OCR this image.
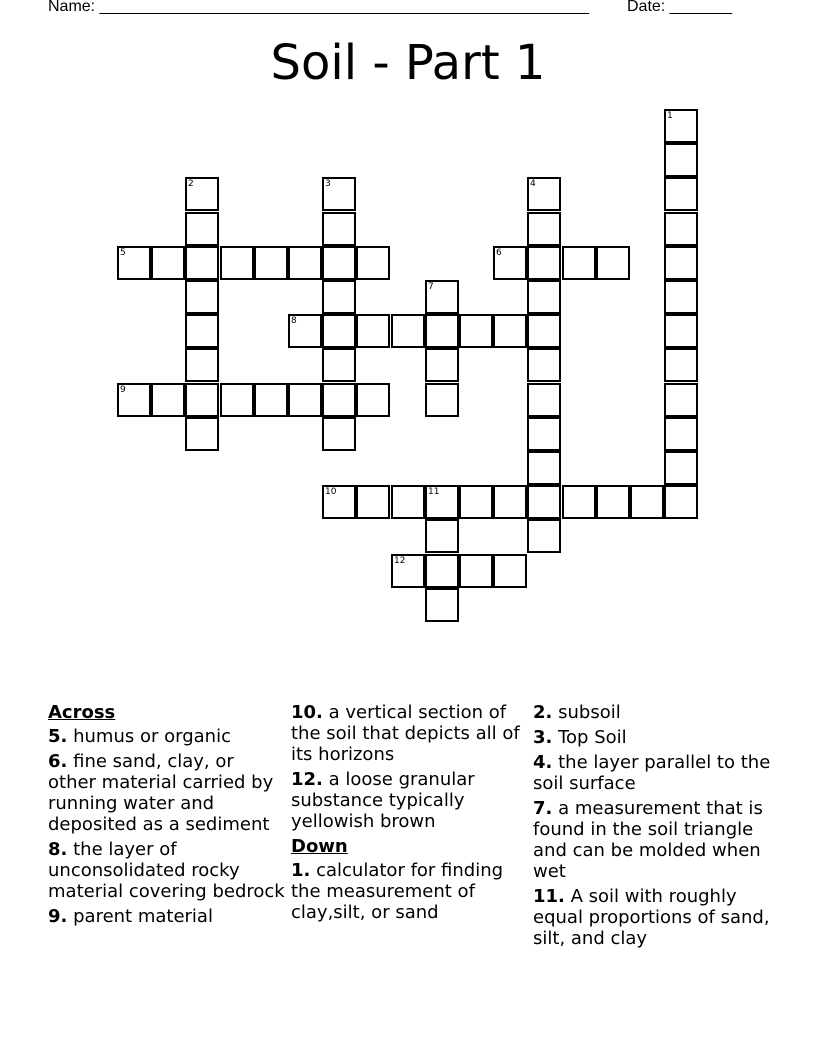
Name: _______________________________________________________ Date: _______
Soil - Part 1
1
2	3	4
5	6
7
8
9
10	11
12
Across
5. humus or organic
6. fine sand, clay, or other material carried by running water and deposited as a sediment
8. the layer of unconsolidated rocky material covering bedrock
9. parent material
10. a vertical section of the soil that depicts all of its horizons
12. a loose granular substance typically yellowish brown
Down
1. calculator for finding the measurement of clay,silt, or sand
2. subsoil
3. Top Soil
4. the layer parallel to the soil surface
7. a measurement that is found in the soil triangle and can be molded when wet
11. A soil with roughly equal proportions of sand, silt, and clay
